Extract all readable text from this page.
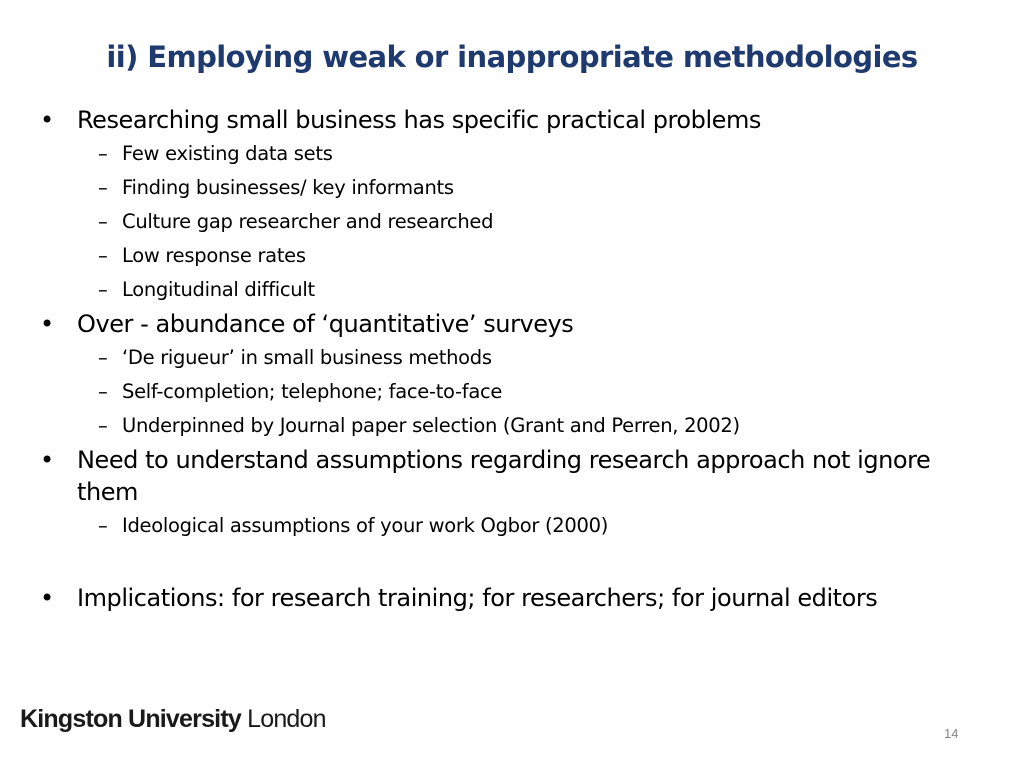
ii) Employing weak or inappropriate methodologies
• Researching small business has specific practical problems
– Few existing data sets
– Finding businesses/ key informants
– Culture gap researcher and researched
– Low response rates
– Longitudinal difficult
• Over - abundance of ‘quantitative’ surveys
– ‘De rigueur’ in small business methods
– Self-completion; telephone; face-to-face
– Underpinned by Journal paper selection (Grant and Perren, 2002)
• Need to understand assumptions regarding research approach not ignore them
– Ideological assumptions of your work Ogbor (2000)
• Implications: for research training; for researchers; for journal editors
Kingston University London
14
